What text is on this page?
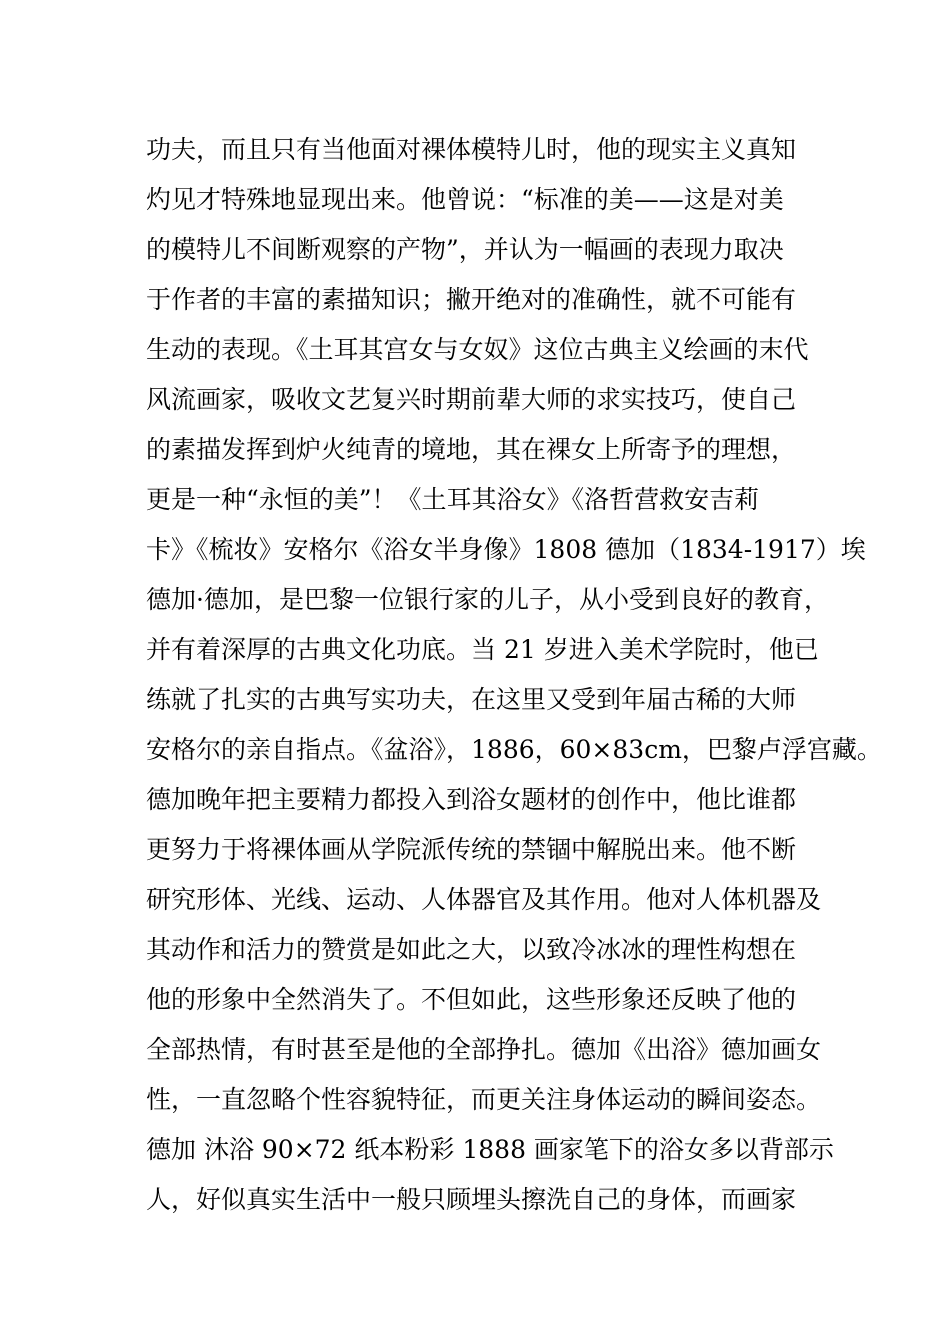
功夫，而且只有当他面对裸体模特儿时，他的现实主义真知
灼见才特殊地显现出来。他曾说：“标准的美——这是对美
的模特儿不间断观察的产物”，并认为一幅画的表现力取决
于作者的丰富的素描知识；撇开绝对的准确性，就不可能有
生动的表现。《土耳其宫女与女奴》这位古典主义绘画的末代
风流画家，吸收文艺复兴时期前辈大师的求实技巧，使自己
的素描发挥到炉火纯青的境地，其在裸女上所寄予的理想，
更是一种“永恒的美”！《土耳其浴女》《洛哲营救安吉莉
卡》《梳妆》安格尔《浴女半身像》1808 德加（1834-1917）埃
德加·德加，是巴黎一位银行家的儿子，从小受到良好的教育，
并有着深厚的古典文化功底。当 21 岁进入美术学院时，他已
练就了扎实的古典写实功夫，在这里又受到年届古稀的大师
安格尔的亲自指点。《盆浴》，1886，60×83cm，巴黎卢浮宫藏。
德加晚年把主要精力都投入到浴女题材的创作中，他比谁都
更努力于将裸体画从学院派传统的禁锢中解脱出来。他不断
研究形体、光线、运动、人体器官及其作用。他对人体机器及
其动作和活力的赞赏是如此之大，以致冷冰冰的理性构想在
他的形象中全然消失了。不但如此，这些形象还反映了他的
全部热情，有时甚至是他的全部挣扎。德加《出浴》德加画女
性，一直忽略个性容貌特征，而更关注身体运动的瞬间姿态。
德加 沐浴 90×72 纸本粉彩 1888 画家笔下的浴女多以背部示
人，好似真实生活中一般只顾埋头擦洗自己的身体，而画家
